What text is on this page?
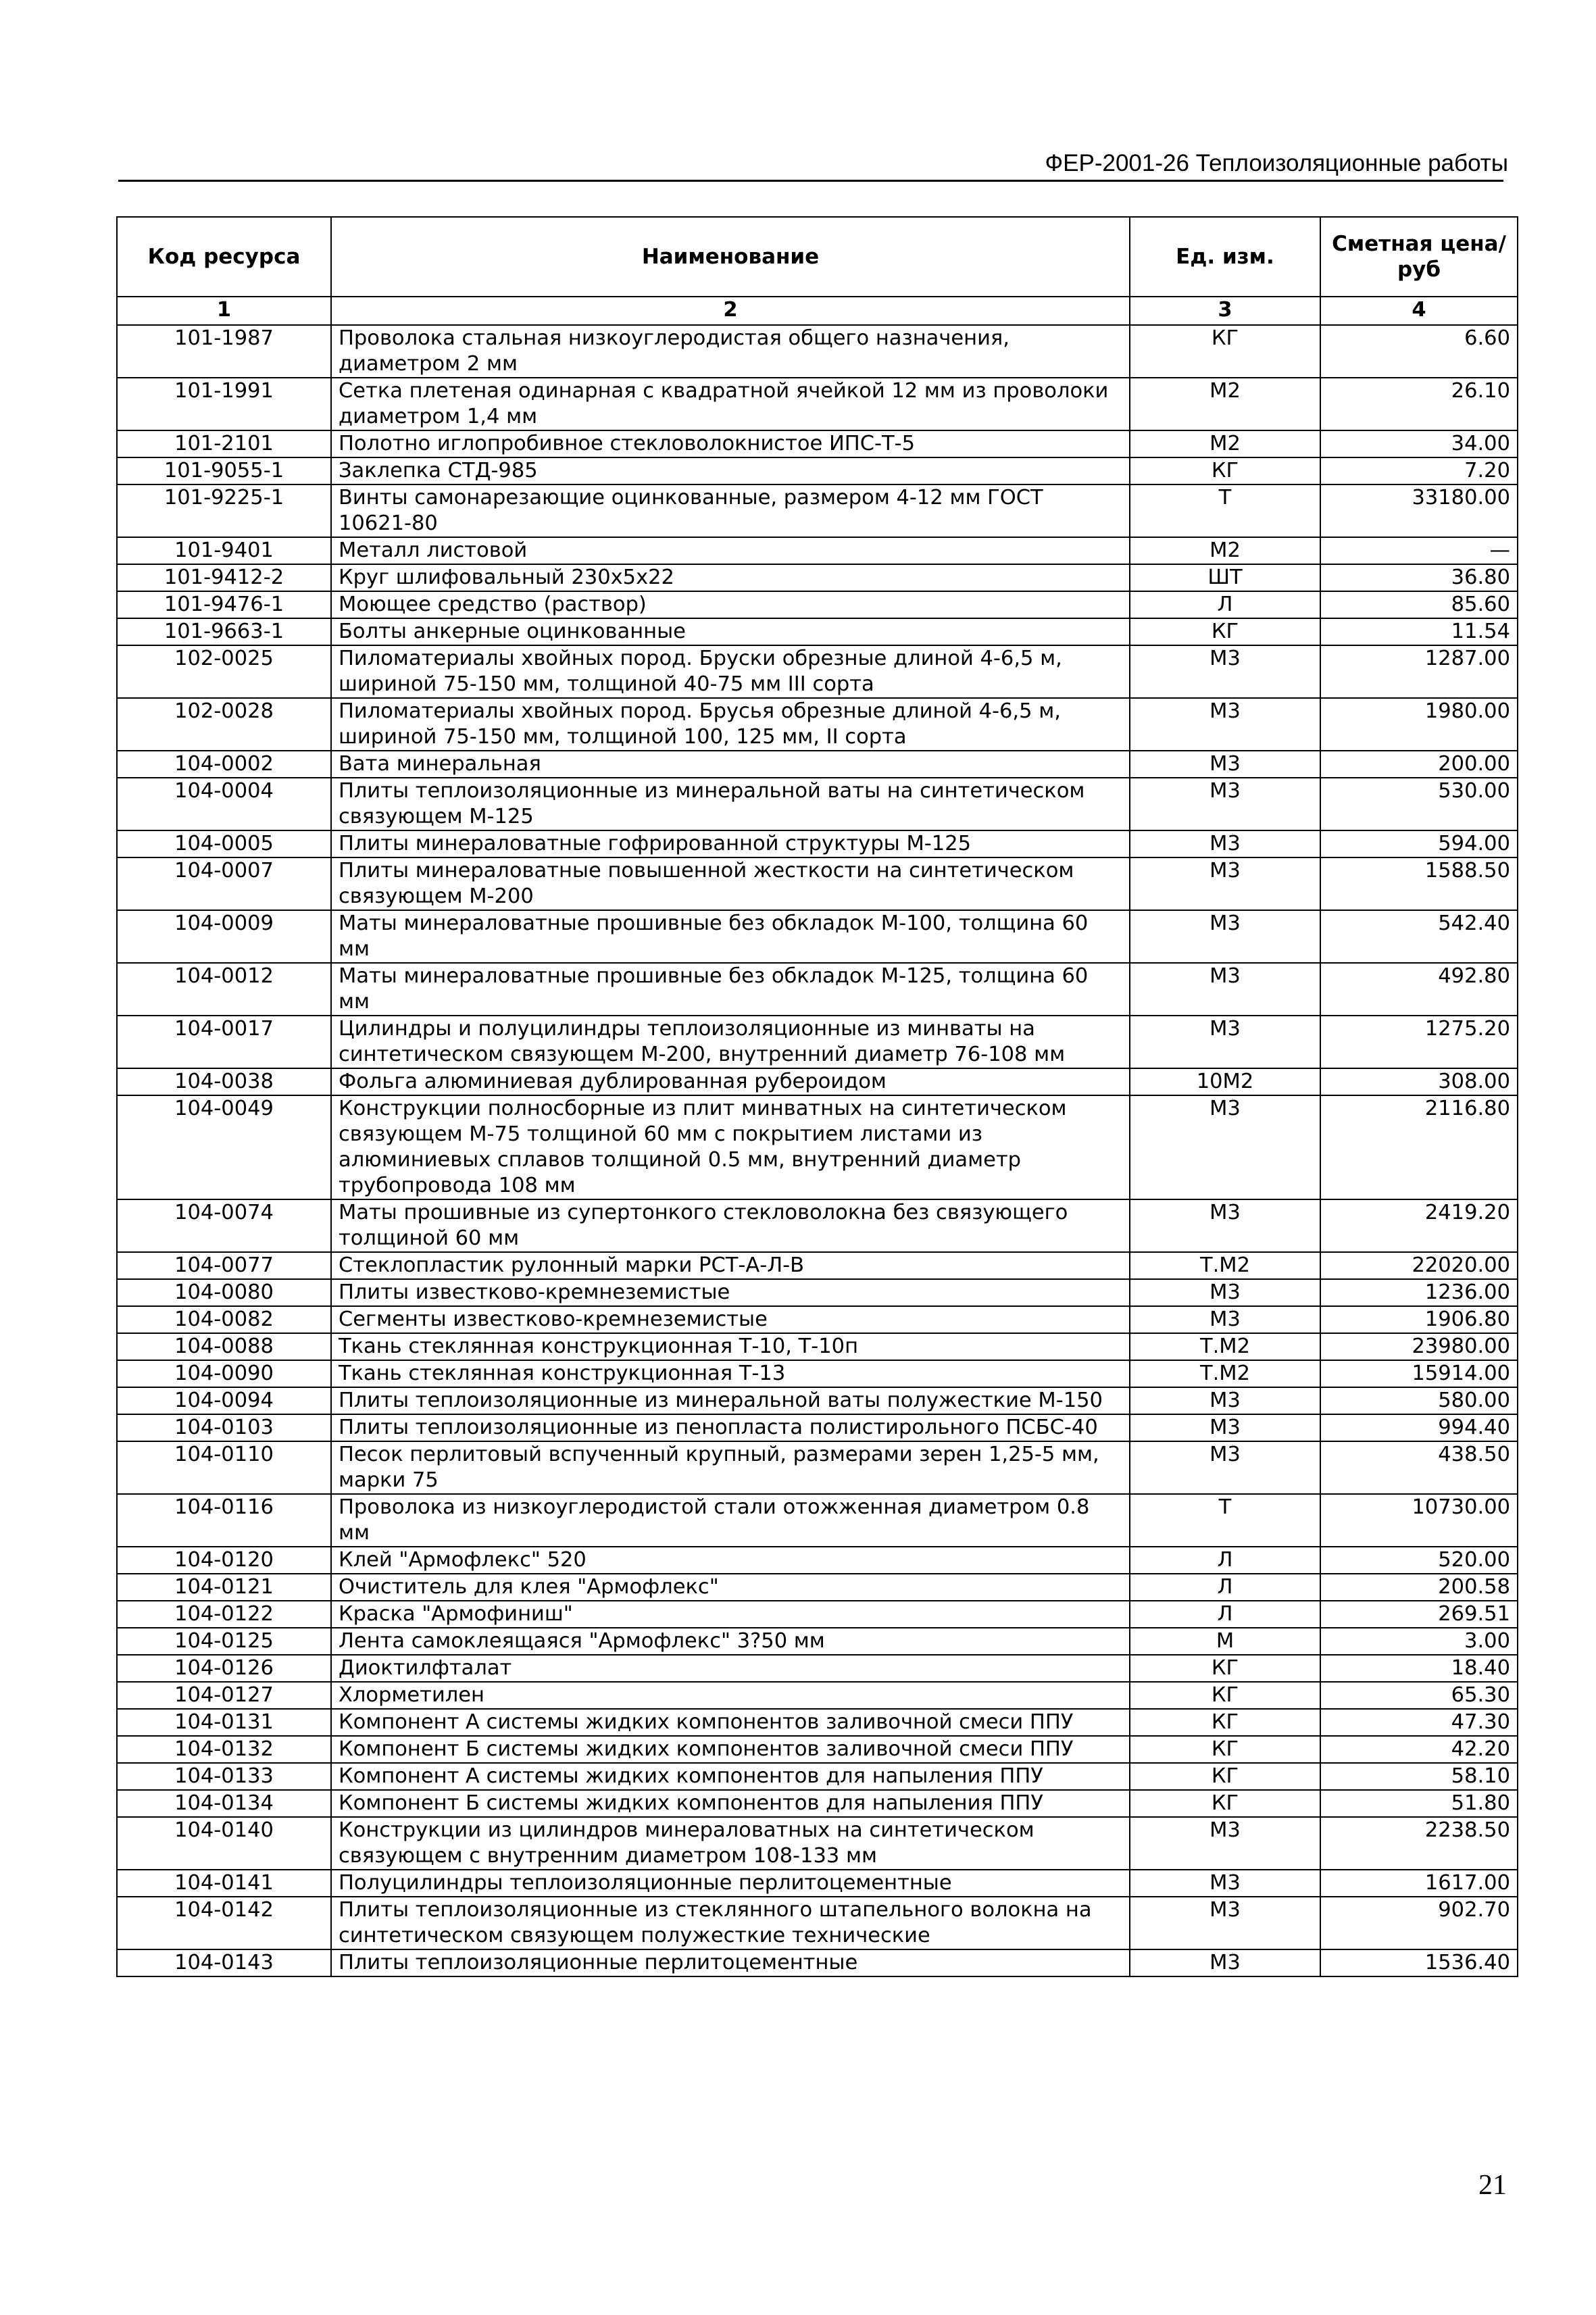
ФЕР-2001-26 Теплоизоляционные работы
Код ресурса	Наименование	Ед. изм.	Сметная цена/руб
1	2	3	4
101-1987	Проволока стальная низкоуглеродистая общего назначения, диаметром 2 мм	КГ	6.60
101-1991	Сетка плетеная одинарная с квадратной ячейкой 12 мм из проволоки диаметром 1,4 мм	М2	26.10
101-2101	Полотно иглопробивное стекловолокнистое ИПС-Т-5	М2	34.00
101-9055-1	Заклепка СТД-985	КГ	7.20
101-9225-1	Винты самонарезающие оцинкованные, размером 4-12 мм ГОСТ 10621-80	Т	33180.00
101-9401	Металл листовой	М2	—
101-9412-2	Круг шлифовальный 230х5х22	ШТ	36.80
101-9476-1	Моющее средство (раствор)	Л	85.60
101-9663-1	Болты анкерные оцинкованные	КГ	11.54
102-0025	Пиломатериалы хвойных пород. Бруски обрезные длиной 4-6,5 м, шириной 75-150 мм, толщиной 40-75 мм III сорта	М3	1287.00
102-0028	Пиломатериалы хвойных пород. Брусья обрезные длиной 4-6,5 м, шириной 75-150 мм, толщиной 100, 125 мм, II сорта	М3	1980.00
104-0002	Вата минеральная	М3	200.00
104-0004	Плиты теплоизоляционные из минеральной ваты на синтетическом связующем М-125	М3	530.00
104-0005	Плиты минераловатные гофрированной структуры М-125	М3	594.00
104-0007	Плиты минераловатные повышенной жесткости на синтетическом связующем М-200	М3	1588.50
104-0009	Маты минераловатные прошивные без обкладок М-100, толщина 60 мм	М3	542.40
104-0012	Маты минераловатные прошивные без обкладок М-125, толщина 60 мм	М3	492.80
104-0017	Цилиндры и полуцилиндры теплоизоляционные из минваты на синтетическом связующем М-200, внутренний диаметр 76-108 мм	М3	1275.20
104-0038	Фольга алюминиевая дублированная рубероидом	10М2	308.00
104-0049	Конструкции полносборные из плит минватных на синтетическом связующем М-75 толщиной 60 мм с покрытием листами из алюминиевых сплавов толщиной 0.5 мм, внутренний диаметр трубопровода 108 мм	М3	2116.80
104-0074	Маты прошивные из супертонкого стекловолокна без связующего толщиной 60 мм	М3	2419.20
104-0077	Стеклопластик рулонный марки РСТ-А-Л-В	Т.М2	22020.00
104-0080	Плиты известково-кремнеземистые	М3	1236.00
104-0082	Сегменты известково-кремнеземистые	М3	1906.80
104-0088	Ткань стеклянная конструкционная Т-10, Т-10п	Т.М2	23980.00
104-0090	Ткань стеклянная конструкционная Т-13	Т.М2	15914.00
104-0094	Плиты теплоизоляционные из минеральной ваты полужесткие М-150	М3	580.00
104-0103	Плиты теплоизоляционные из пенопласта полистирольного ПСБС-40	М3	994.40
104-0110	Песок перлитовый вспученный крупный, размерами зерен 1,25-5 мм, марки 75	М3	438.50
104-0116	Проволока из низкоуглеродистой стали отожженная диаметром 0.8 мм	Т	10730.00
104-0120	Клей "Армофлекс" 520	Л	520.00
104-0121	Очиститель для клея "Армофлекс"	Л	200.58
104-0122	Краска "Армофиниш"	Л	269.51
104-0125	Лента самоклеящаяся "Армофлекс" 3?50 мм	М	3.00
104-0126	Диоктилфталат	КГ	18.40
104-0127	Хлорметилен	КГ	65.30
104-0131	Компонент А системы жидких компонентов заливочной смеси ППУ	КГ	47.30
104-0132	Компонент Б системы жидких компонентов заливочной смеси ППУ	КГ	42.20
104-0133	Компонент А системы жидких компонентов для напыления ППУ	КГ	58.10
104-0134	Компонент Б системы жидких компонентов для напыления ППУ	КГ	51.80
104-0140	Конструкции из цилиндров минераловатных на синтетическом связующем с внутренним диаметром 108-133 мм	М3	2238.50
104-0141	Полуцилиндры теплоизоляционные перлитоцементные	М3	1617.00
104-0142	Плиты теплоизоляционные из стеклянного штапельного волокна на синтетическом связующем полужесткие технические	М3	902.70
104-0143	Плиты теплоизоляционные перлитоцементные	М3	1536.40
21
